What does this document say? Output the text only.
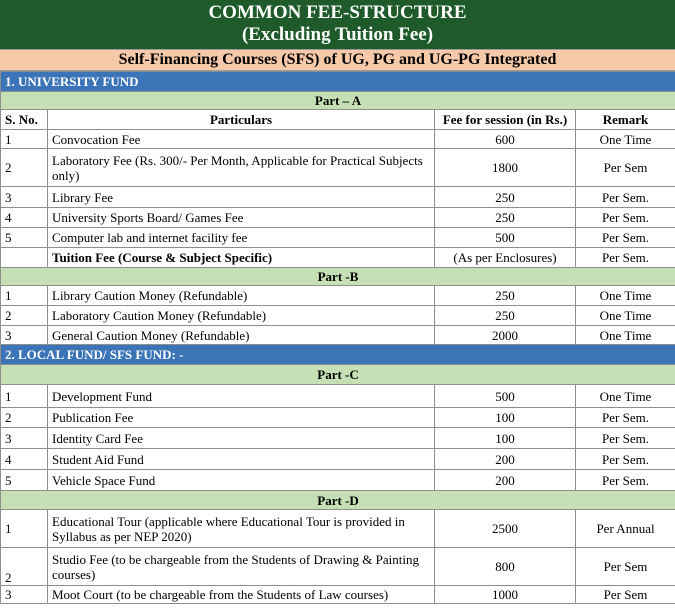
COMMON FEE-STRUCTURE
(Excluding Tuition Fee)
Self-Financing Courses (SFS) of UG, PG and UG-PG Integrated
1. UNIVERSITY FUND			
Part – A			
S. No.	Particulars	Fee for session (in Rs.)	Remark
1	Convocation Fee	600	One Time
2	Laboratory Fee (Rs. 300/- Per Month, Applicable for Practical Subjects only)	1800	Per Sem
3	Library Fee	250	Per Sem.
4	University Sports Board/ Games Fee	250	Per Sem.
5	Computer lab and internet facility fee	500	Per Sem.
	Tuition Fee (Course & Subject Specific)	(As per Enclosures)	Per Sem.
Part -B			
1	Library Caution Money (Refundable)	250	One Time
2	Laboratory Caution Money (Refundable)	250	One Time
3	General Caution Money (Refundable)	2000	One Time
2. LOCAL FUND/ SFS FUND: -			
Part -C			
1	Development Fund	500	One Time
2	Publication Fee	100	Per Sem.
3	Identity Card Fee	100	Per Sem.
4	Student Aid Fund	200	Per Sem.
5	Vehicle Space Fund	200	Per Sem.
Part -D			
1	Educational Tour (applicable where Educational Tour is provided in Syllabus as per NEP 2020)	2500	Per Annual
2	Studio Fee (to be chargeable from the Students of Drawing & Painting courses)	800	Per Sem
3	Moot Court (to be chargeable from the Students of Law courses)	1000	Per Sem
